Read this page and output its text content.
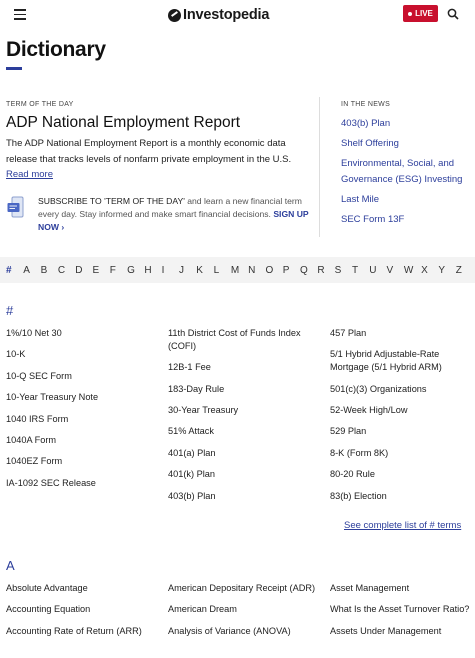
Investopedia	LIVE
Dictionary
TERM OF THE DAY
ADP National Employment Report

The ADP National Employment Report is a monthly economic data release that tracks levels of nonfarm private employment in the U.S. Read more

SUBSCRIBE TO 'TERM OF THE DAY' and learn a new financial term every day. Stay informed and make smart financial decisions. SIGN UP NOW ›

IN THE NEWS
403(b) Plan
Shelf Offering
Environmental, Social, and Governance (ESG) Investing
Last Mile
SEC Form 13F
#	A	B	C	D	E	F	G H	I	J	K	L	M N	O P	Q R	S	T	U	V	W X	Y	Z
#
1%/10 Net 30
10-K
10-Q SEC Form
10-Year Treasury Note
1040 IRS Form
1040A Form
1040EZ Form
IA-1092 SEC Release
11th District Cost of Funds Index (COFI)
12B-1 Fee
183-Day Rule
30-Year Treasury
51% Attack
401(a) Plan
401(k) Plan
403(b) Plan
457 Plan
5/1 Hybrid Adjustable-Rate Mortgage (5/1 Hybrid ARM)
501(c)(3) Organizations
52-Week High/Low
529 Plan
8-K (Form 8K)
80-20 Rule
83(b) Election
See complete list of # terms
A
Absolute Advantage
Accounting Equation
Accounting Rate of Return (ARR)
American Depositary Receipt (ADR)
American Dream
Analysis of Variance (ANOVA)
Asset Management
What Is the Asset Turnover Ratio?
Assets Under Management
